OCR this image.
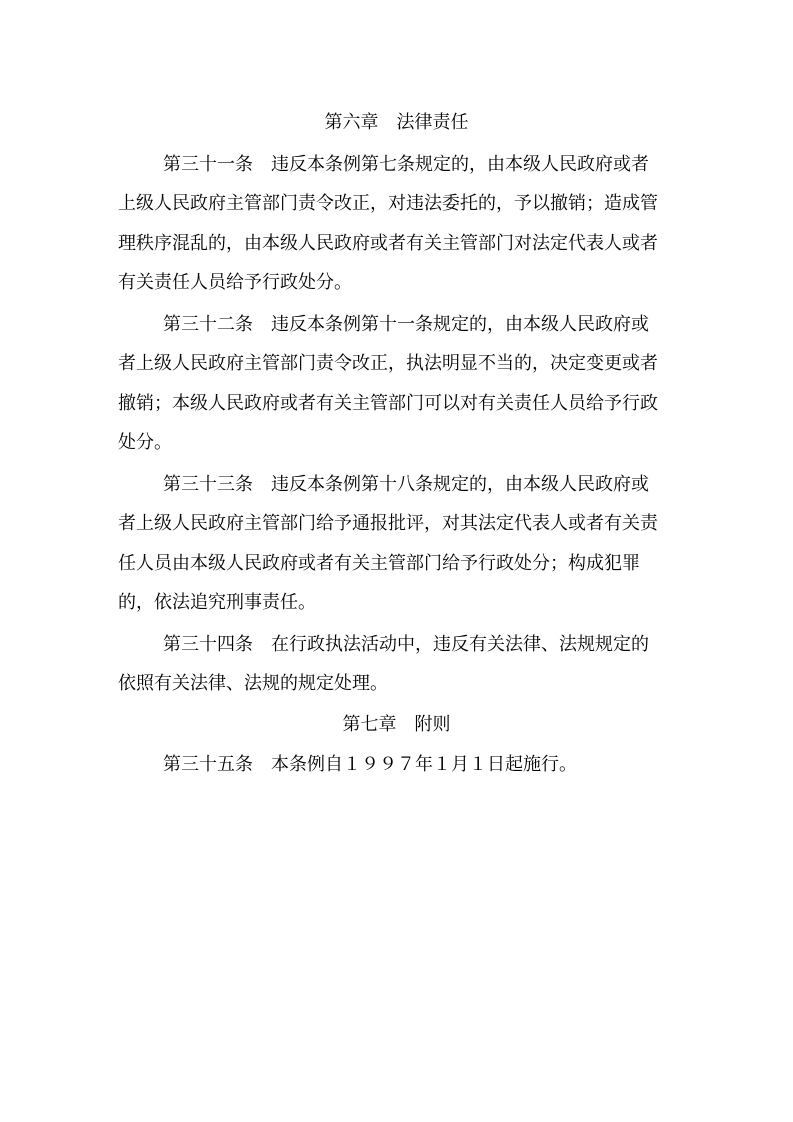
第六章　法律责任
第三十一条　违反本条例第七条规定的，由本级人民政府或者
上级人民政府主管部门责令改正，对违法委托的，予以撤销；造成管
理秩序混乱的，由本级人民政府或者有关主管部门对法定代表人或者
有关责任人员给予行政处分。
第三十二条　违反本条例第十一条规定的，由本级人民政府或
者上级人民政府主管部门责令改正，执法明显不当的，决定变更或者
撤销；本级人民政府或者有关主管部门可以对有关责任人员给予行政
处分。
第三十三条　违反本条例第十八条规定的，由本级人民政府或
者上级人民政府主管部门给予通报批评，对其法定代表人或者有关责
任人员由本级人民政府或者有关主管部门给予行政处分；构成犯罪
的，依法追究刑事责任。
第三十四条　在行政执法活动中，违反有关法律、法规规定的
依照有关法律、法规的规定处理。
第七章　附则
第三十五条　本条例自１９９７年１月１日起施行。
